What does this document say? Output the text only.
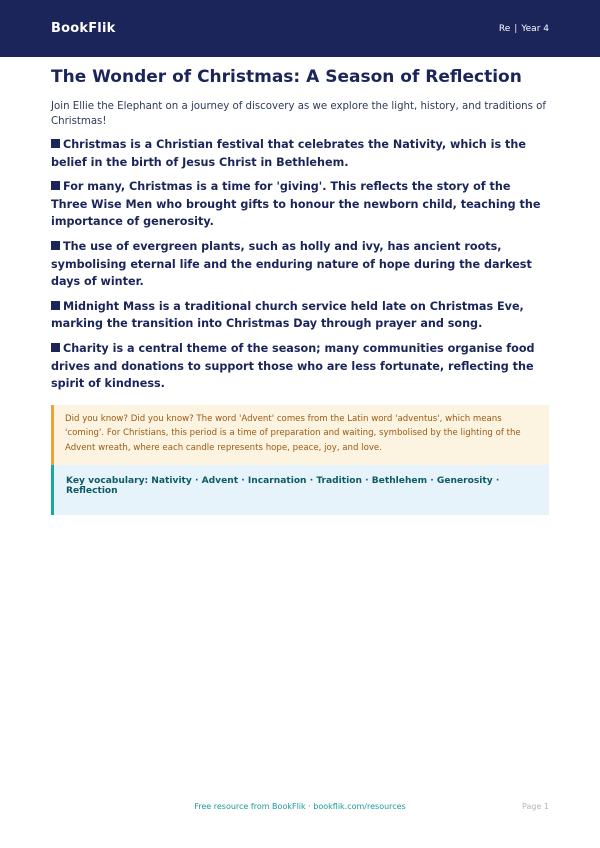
BookFlik	Re | Year 4
The Wonder of Christmas: A Season of Reflection

Join Ellie the Elephant on a journey of discovery as we explore the light, history, and traditions of Christmas!

Christmas is a Christian festival that celebrates the Nativity, which is the belief in the birth of Jesus Christ in Bethlehem.
For many, Christmas is a time for 'giving'. This reflects the story of the Three Wise Men who brought gifts to honour the newborn child, teaching the importance of generosity.
The use of evergreen plants, such as holly and ivy, has ancient roots, symbolising eternal life and the enduring nature of hope during the darkest days of winter.
Midnight Mass is a traditional church service held late on Christmas Eve, marking the transition into Christmas Day through prayer and song.
Charity is a central theme of the season; many communities organise food drives and donations to support those who are less fortunate, reflecting the spirit of kindness.
Did you know? Did you know? The word 'Advent' comes from the Latin word 'adventus', which means 'coming'. For Christians, this period is a time of preparation and waiting, symbolised by the lighting of the Advent wreath, where each candle represents hope, peace, joy, and love.
Key vocabulary: Nativity · Advent · Incarnation · Tradition · Bethlehem · Generosity · Reflection
Free resource from BookFlik · bookflik.com/resources	Page 1
